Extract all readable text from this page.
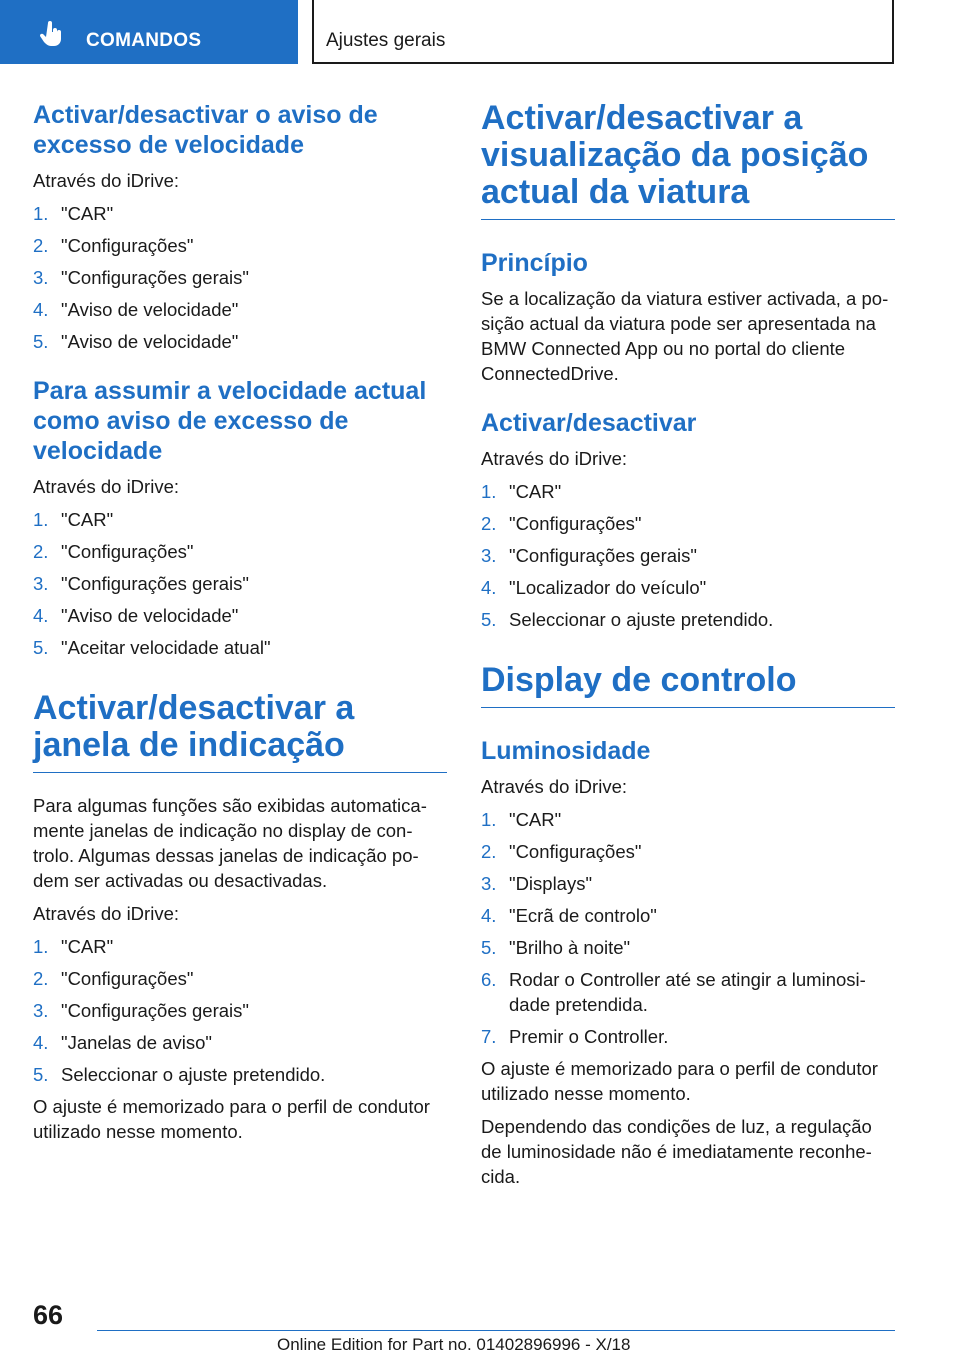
COMANDOS	Ajustes gerais
Activar/desactivar o aviso de excesso de velocidade

Através do iDrive:

1. "CAR"
2. "Configurações"
3. "Configurações gerais"
4. "Aviso de velocidade"
5. "Aviso de velocidade"
Para assumir a velocidade actual como aviso de excesso de velocidade

Através do iDrive:

1. "CAR"
2. "Configurações"
3. "Configurações gerais"
4. "Aviso de velocidade"
5. "Aceitar velocidade atual"
Activar/desactivar a janela de indicação

Para algumas funções são exibidas automatica-mente janelas de indicação no display de con-trolo. Algumas dessas janelas de indicação po-dem ser activadas ou desactivadas.

Através do iDrive:

1. "CAR"
2. "Configurações"
3. "Configurações gerais"
4. "Janelas de aviso"
5. Seleccionar o ajuste pretendido.

O ajuste é memorizado para o perfil de condutor utilizado nesse momento.

Activar/desactivar a visualização da posição actual da viatura
Princípio

Se a localização da viatura estiver activada, a po-sição actual da viatura pode ser apresentada na BMW Connected App ou no portal do cliente ConnectedDrive.

Activar/desactivar

Através do iDrive:

1. "CAR"
2. "Configurações"
3. "Configurações gerais"
4. "Localizador do veículo"
5. Seleccionar o ajuste pretendido.
Display de controlo
Luminosidade

Através do iDrive:

1. "CAR"
2. "Configurações"
3. "Displays"
4. "Ecrã de controlo"
5. "Brilho à noite"
6. Rodar o Controller até se atingir a luminosi-dade pretendida.
7. Premir o Controller.

O ajuste é memorizado para o perfil de condutor utilizado nesse momento.

Dependendo das condições de luz, a regulação de luminosidade não é imediatamente reconhe-cida.

66
Online Edition for Part no. 01402896996 - X/18
